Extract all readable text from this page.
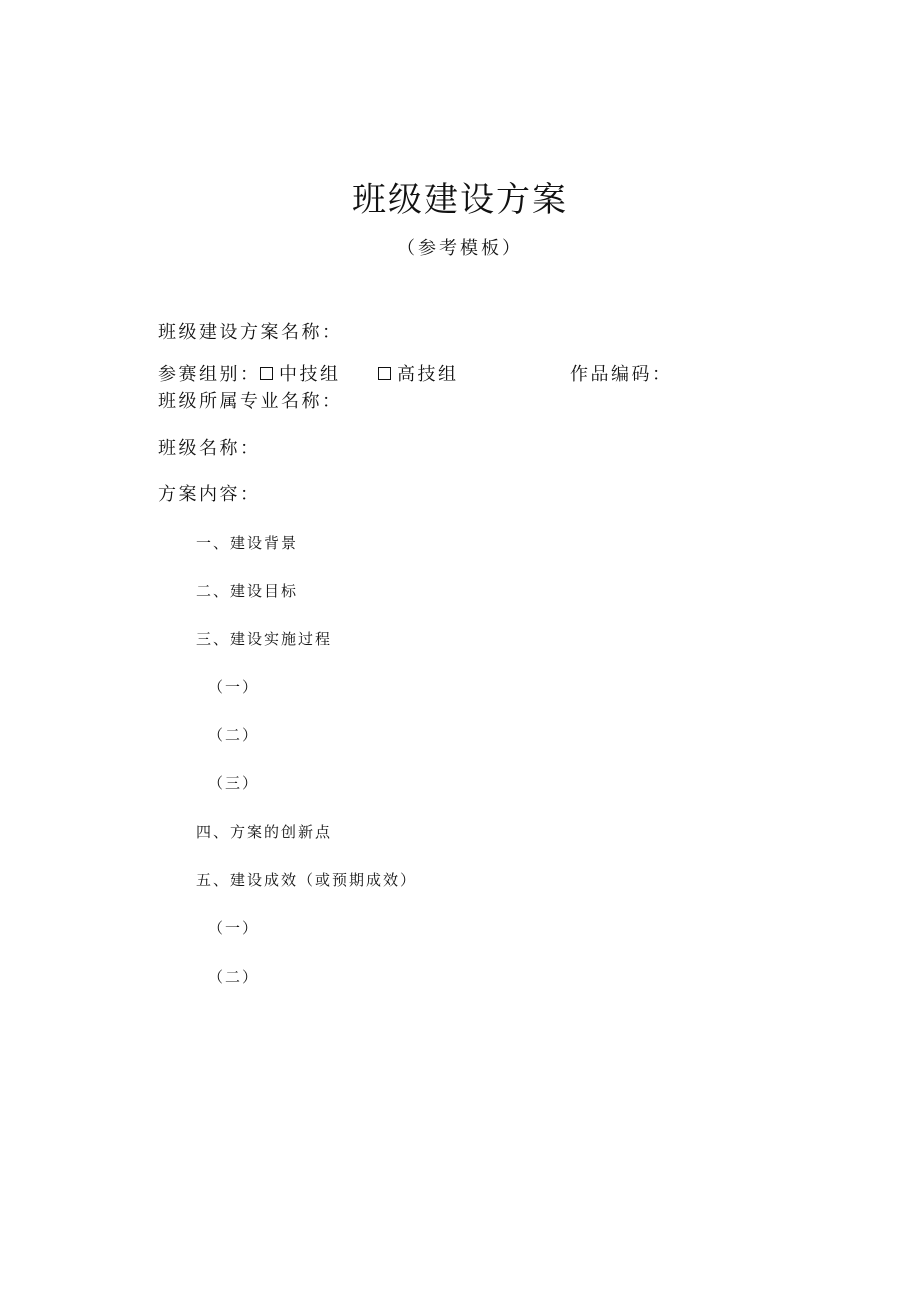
班级建设方案
（参考模板）
班级建设方案名称：
参赛组别： 中技组	高技组	作品编码：
班级所属专业名称：
班级名称：
方案内容：
一、建设背景
二、建设目标
三、建设实施过程
（一）
（二）
（三）
四、方案的创新点
五、建设成效（或预期成效）
（一）
（二）
